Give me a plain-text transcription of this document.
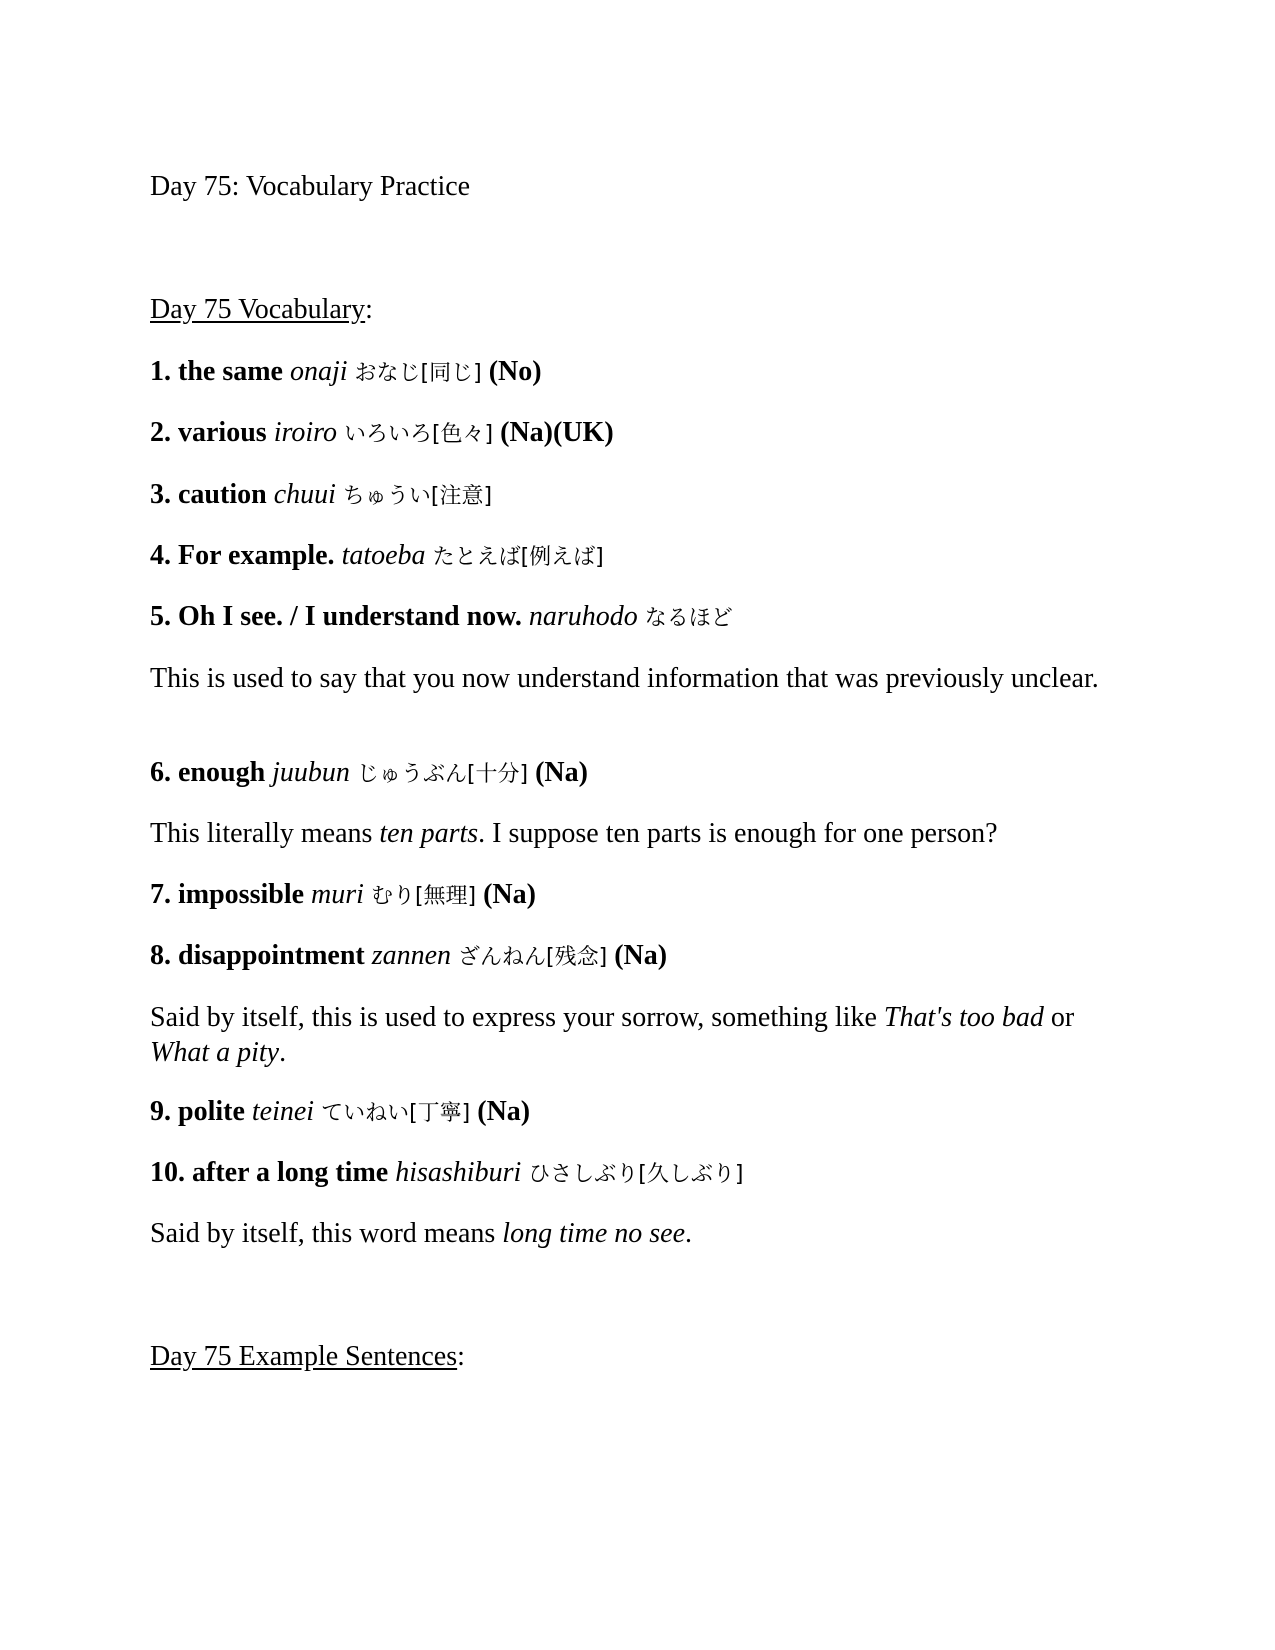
Day 75: Vocabulary Practice
Day 75 Vocabulary:
1. the same onaji おなじ[同じ] (No)
2. various iroiro いろいろ[色々] (Na)(UK)
3. caution chuui ちゅうい[注意]
4. For example. tatoeba たとえば[例えば]
5. Oh I see. / I understand now. naruhodo なるほど
This is used to say that you now understand information that was previously unclear.
6. enough juubun じゅうぶん[十分] (Na)
This literally means ten parts. I suppose ten parts is enough for one person?
7. impossible muri むり[無理] (Na)
8. disappointment zannen ざんねん[残念] (Na)
Said by itself, this is used to express your sorrow, something like That's too bad or What a pity.
9. polite teinei ていねい[丁寧] (Na)
10. after a long time hisashiburi ひさしぶり[久しぶり]
Said by itself, this word means long time no see.
Day 75 Example Sentences:
